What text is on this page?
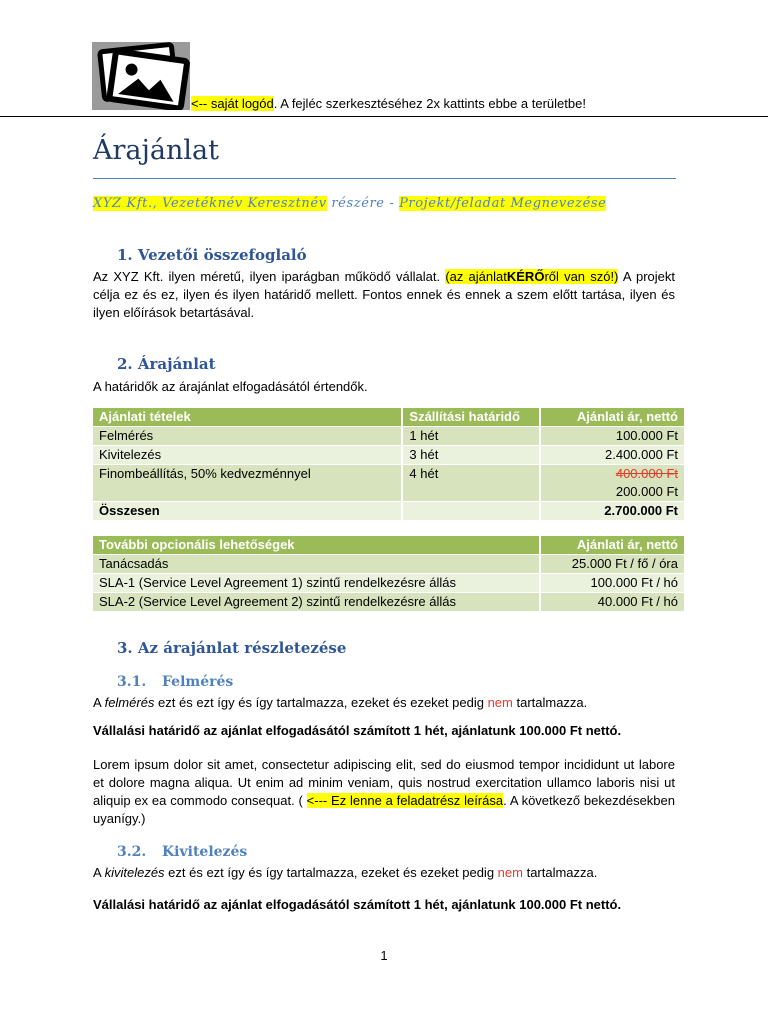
<-- saját logód. A fejléc szerkesztéséhez 2x kattints ebbe a területbe!
Árajánlat
XYZ Kft., Vezetéknév Keresztnév részére - Projekt/feladat Megnevezése
1. Vezetői összefoglaló

Az XYZ Kft. ilyen méretű, ilyen iparágban működő vállalat. (az ajánlatKÉRŐről van szó!) A projekt célja ez és ez, ilyen és ilyen határidő mellett. Fontos ennek és ennek a szem előtt tartása, ilyen és ilyen előírások betartásával.

2. Árajánlat

A határidők az árajánlat elfogadásától értendők.

Ajánlati tételek	Szállítási határidő	Ajánlati ár, nettó
Felmérés	1 hét	100.000 Ft
Kivitelezés	3 hét	2.400.000 Ft
Finombeállítás, 50% kedvezménnyel	4 hét	400.000 Ft
200.000 Ft

Összesen		2.700.000 Ft
További opcionális lehetőségek	Ajánlati ár, nettó
Tanácsadás	25.000 Ft / fő / óra
SLA-1 (Service Level Agreement 1) szintű rendelkezésre állás	100.000 Ft / hó
SLA-2 (Service Level Agreement 2) szintű rendelkezésre állás	40.000 Ft / hó
3. Az árajánlat részletezése
3.1. Felmérés

A felmérés ezt és ezt így és így tartalmazza, ezeket és ezeket pedig nem tartalmazza.

Vállalási határidő az ajánlat elfogadásától számított 1 hét, ajánlatunk 100.000 Ft nettó.

Lorem ipsum dolor sit amet, consectetur adipiscing elit, sed do eiusmod tempor incididunt ut labore et dolore magna aliqua. Ut enim ad minim veniam, quis nostrud exercitation ullamco laboris nisi ut aliquip ex ea commodo consequat. ( <--- Ez lenne a feladatrész leírása. A következő bekezdésekben uyanígy.)

3.2. Kivitelezés

A kivitelezés ezt és ezt így és így tartalmazza, ezeket és ezeket pedig nem tartalmazza.

Vállalási határidő az ajánlat elfogadásától számított 1 hét, ajánlatunk 100.000 Ft nettó.

1
